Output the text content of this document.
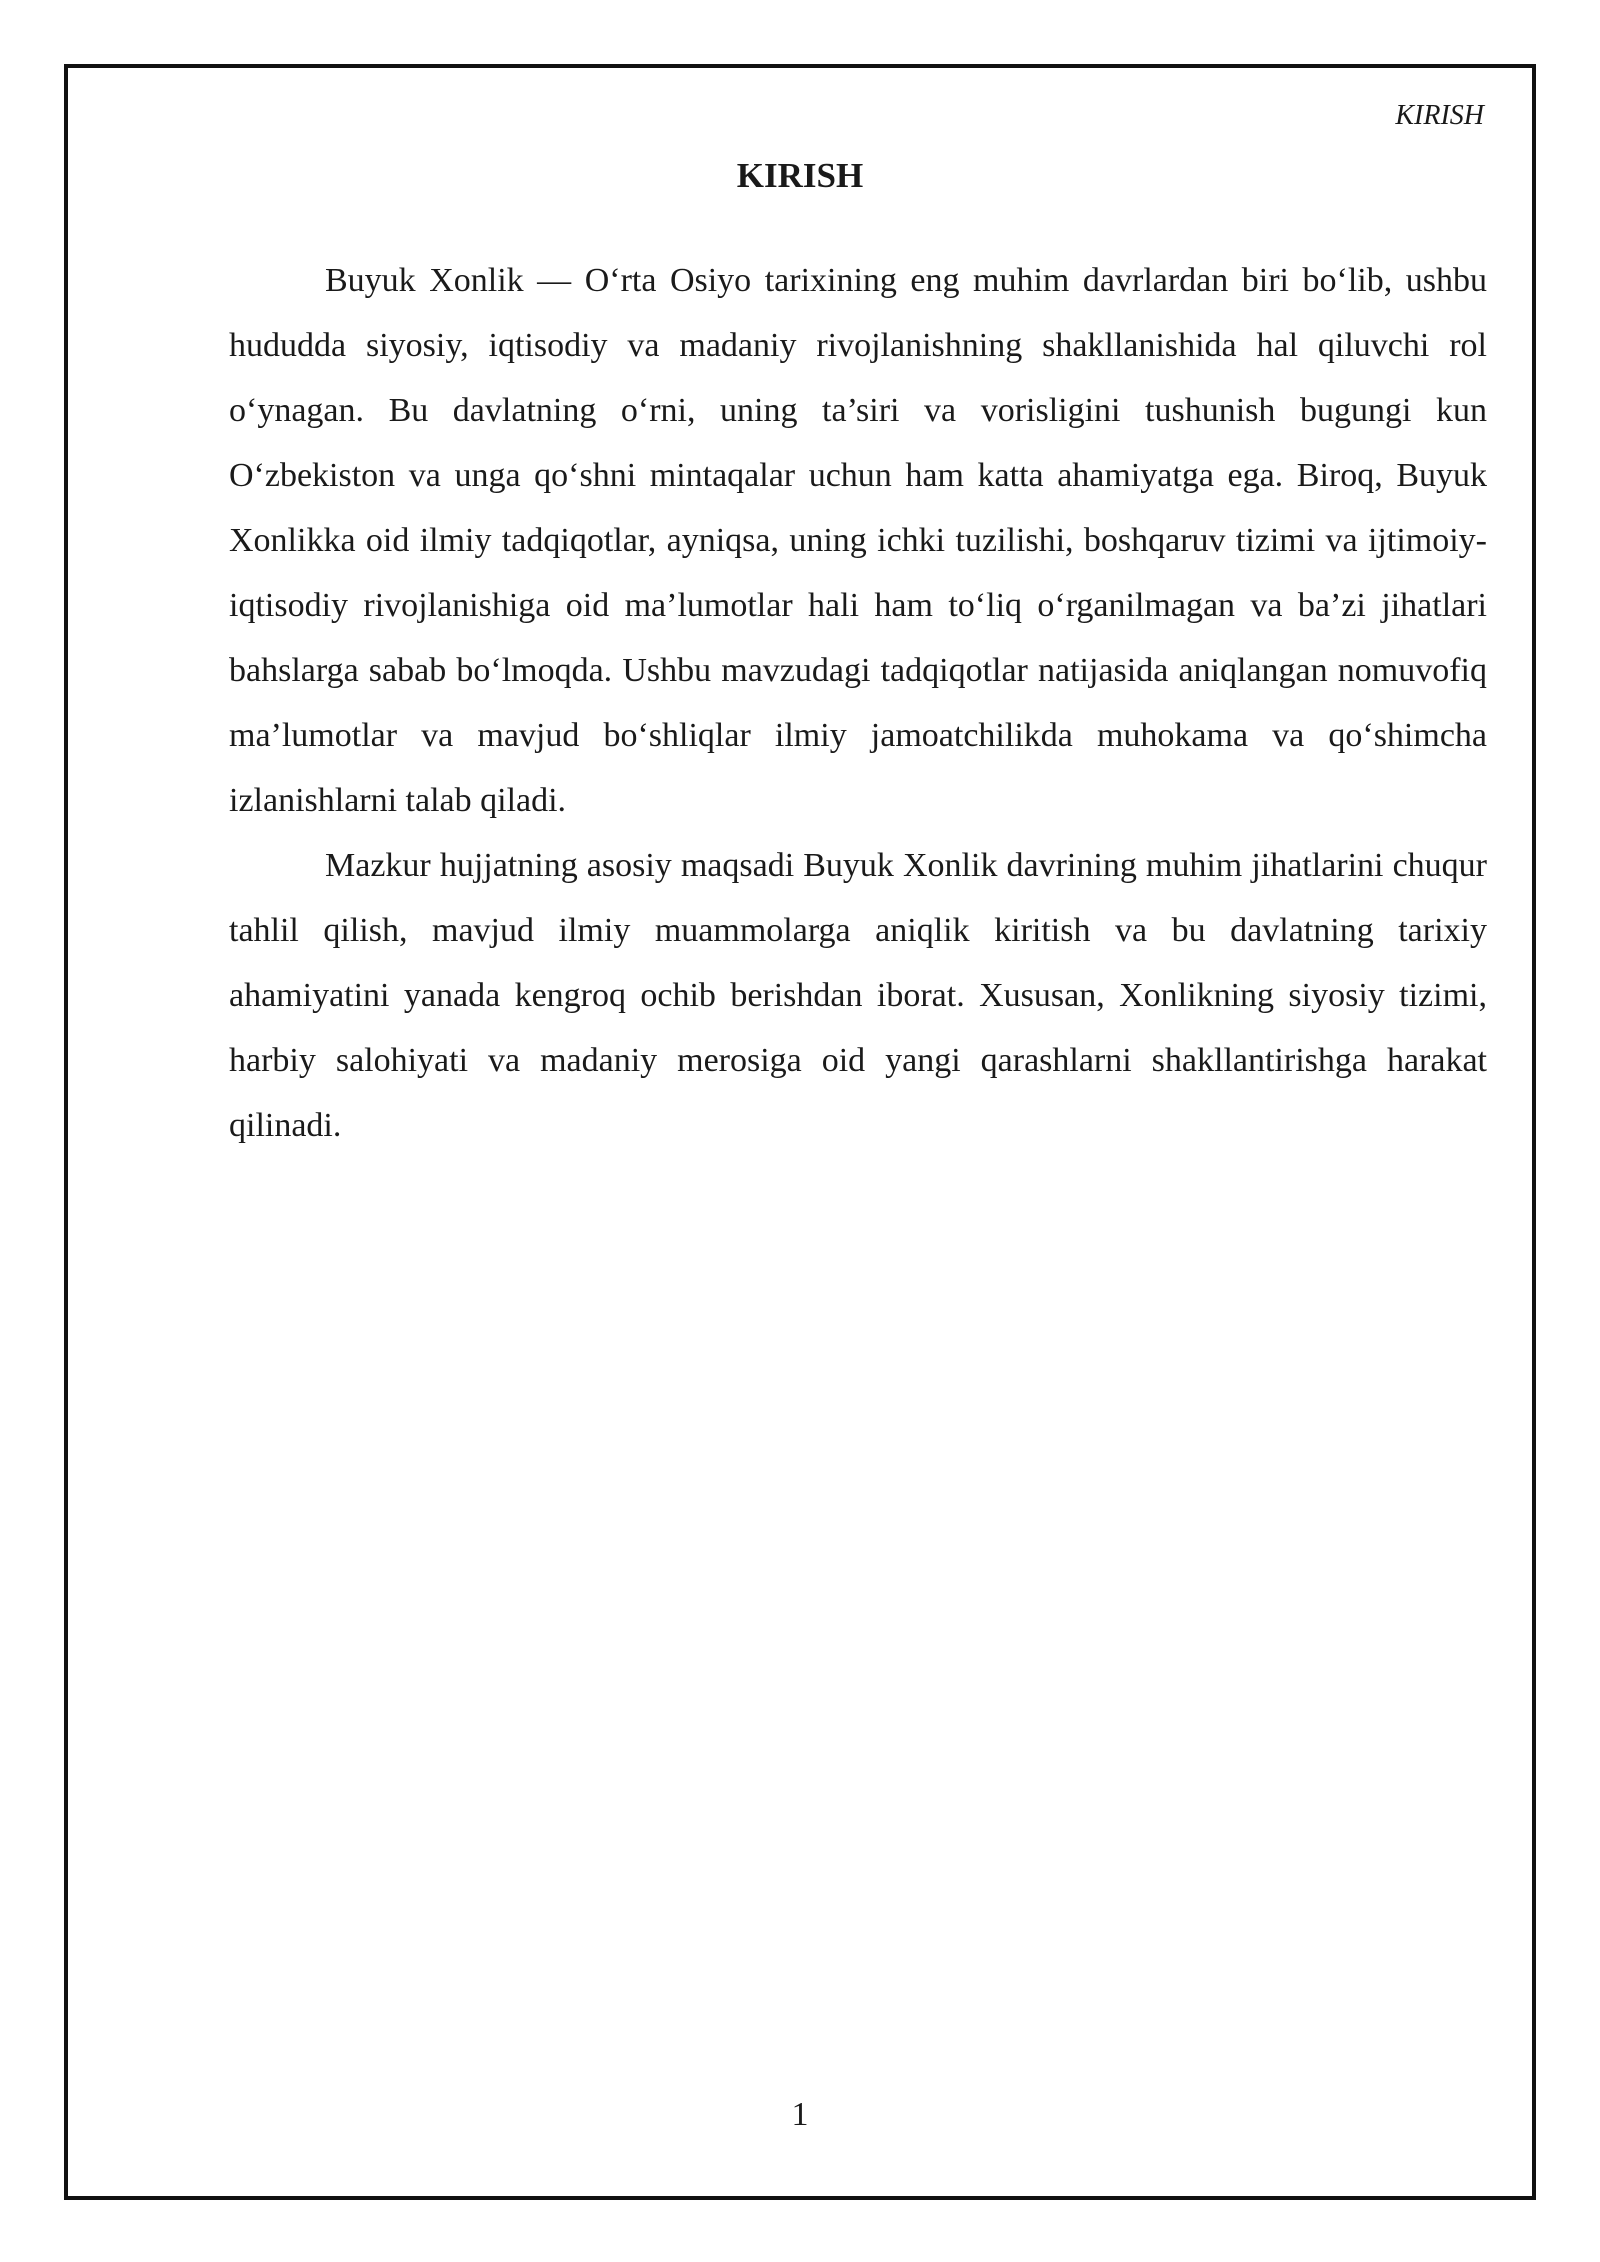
KIRISH
KIRISH

Buyuk Xonlik — O‘rta Osiyo tarixining eng muhim davrlardan biri bo‘lib, ushbu hududda siyosiy, iqtisodiy va madaniy rivojlanishning shakllanishida hal qiluvchi rol o‘ynagan. Bu davlatning o‘rni, uning ta’siri va vorisligini tushunish bugungi kun O‘zbekiston va unga qo‘shni mintaqalar uchun ham katta ahamiyatga ega. Biroq, Buyuk Xonlikka oid ilmiy tadqiqotlar, ayniqsa, uning ichki tuzilishi, boshqaruv tizimi va ijtimoiy-iqtisodiy rivojlanishiga oid ma’lumotlar hali ham to‘liq o‘rganilmagan va ba’zi jihatlari bahslarga sabab bo‘lmoqda. Ushbu mavzudagi tadqiqotlar natijasida aniqlangan nomuvofiq ma’lumotlar va mavjud bo‘shliqlar ilmiy jamoatchilikda muhokama va qo‘shimcha izlanishlarni talab qiladi.

Mazkur hujjatning asosiy maqsadi Buyuk Xonlik davrining muhim jihatlarini chuqur tahlil qilish, mavjud ilmiy muammolarga aniqlik kiritish va bu davlatning tarixiy ahamiyatini yanada kengroq ochib berishdan iborat. Xususan, Xonlikning siyosiy tizimi, harbiy salohiyati va madaniy merosiga oid yangi qarashlarni shakllantirishga harakat qilinadi.

1
